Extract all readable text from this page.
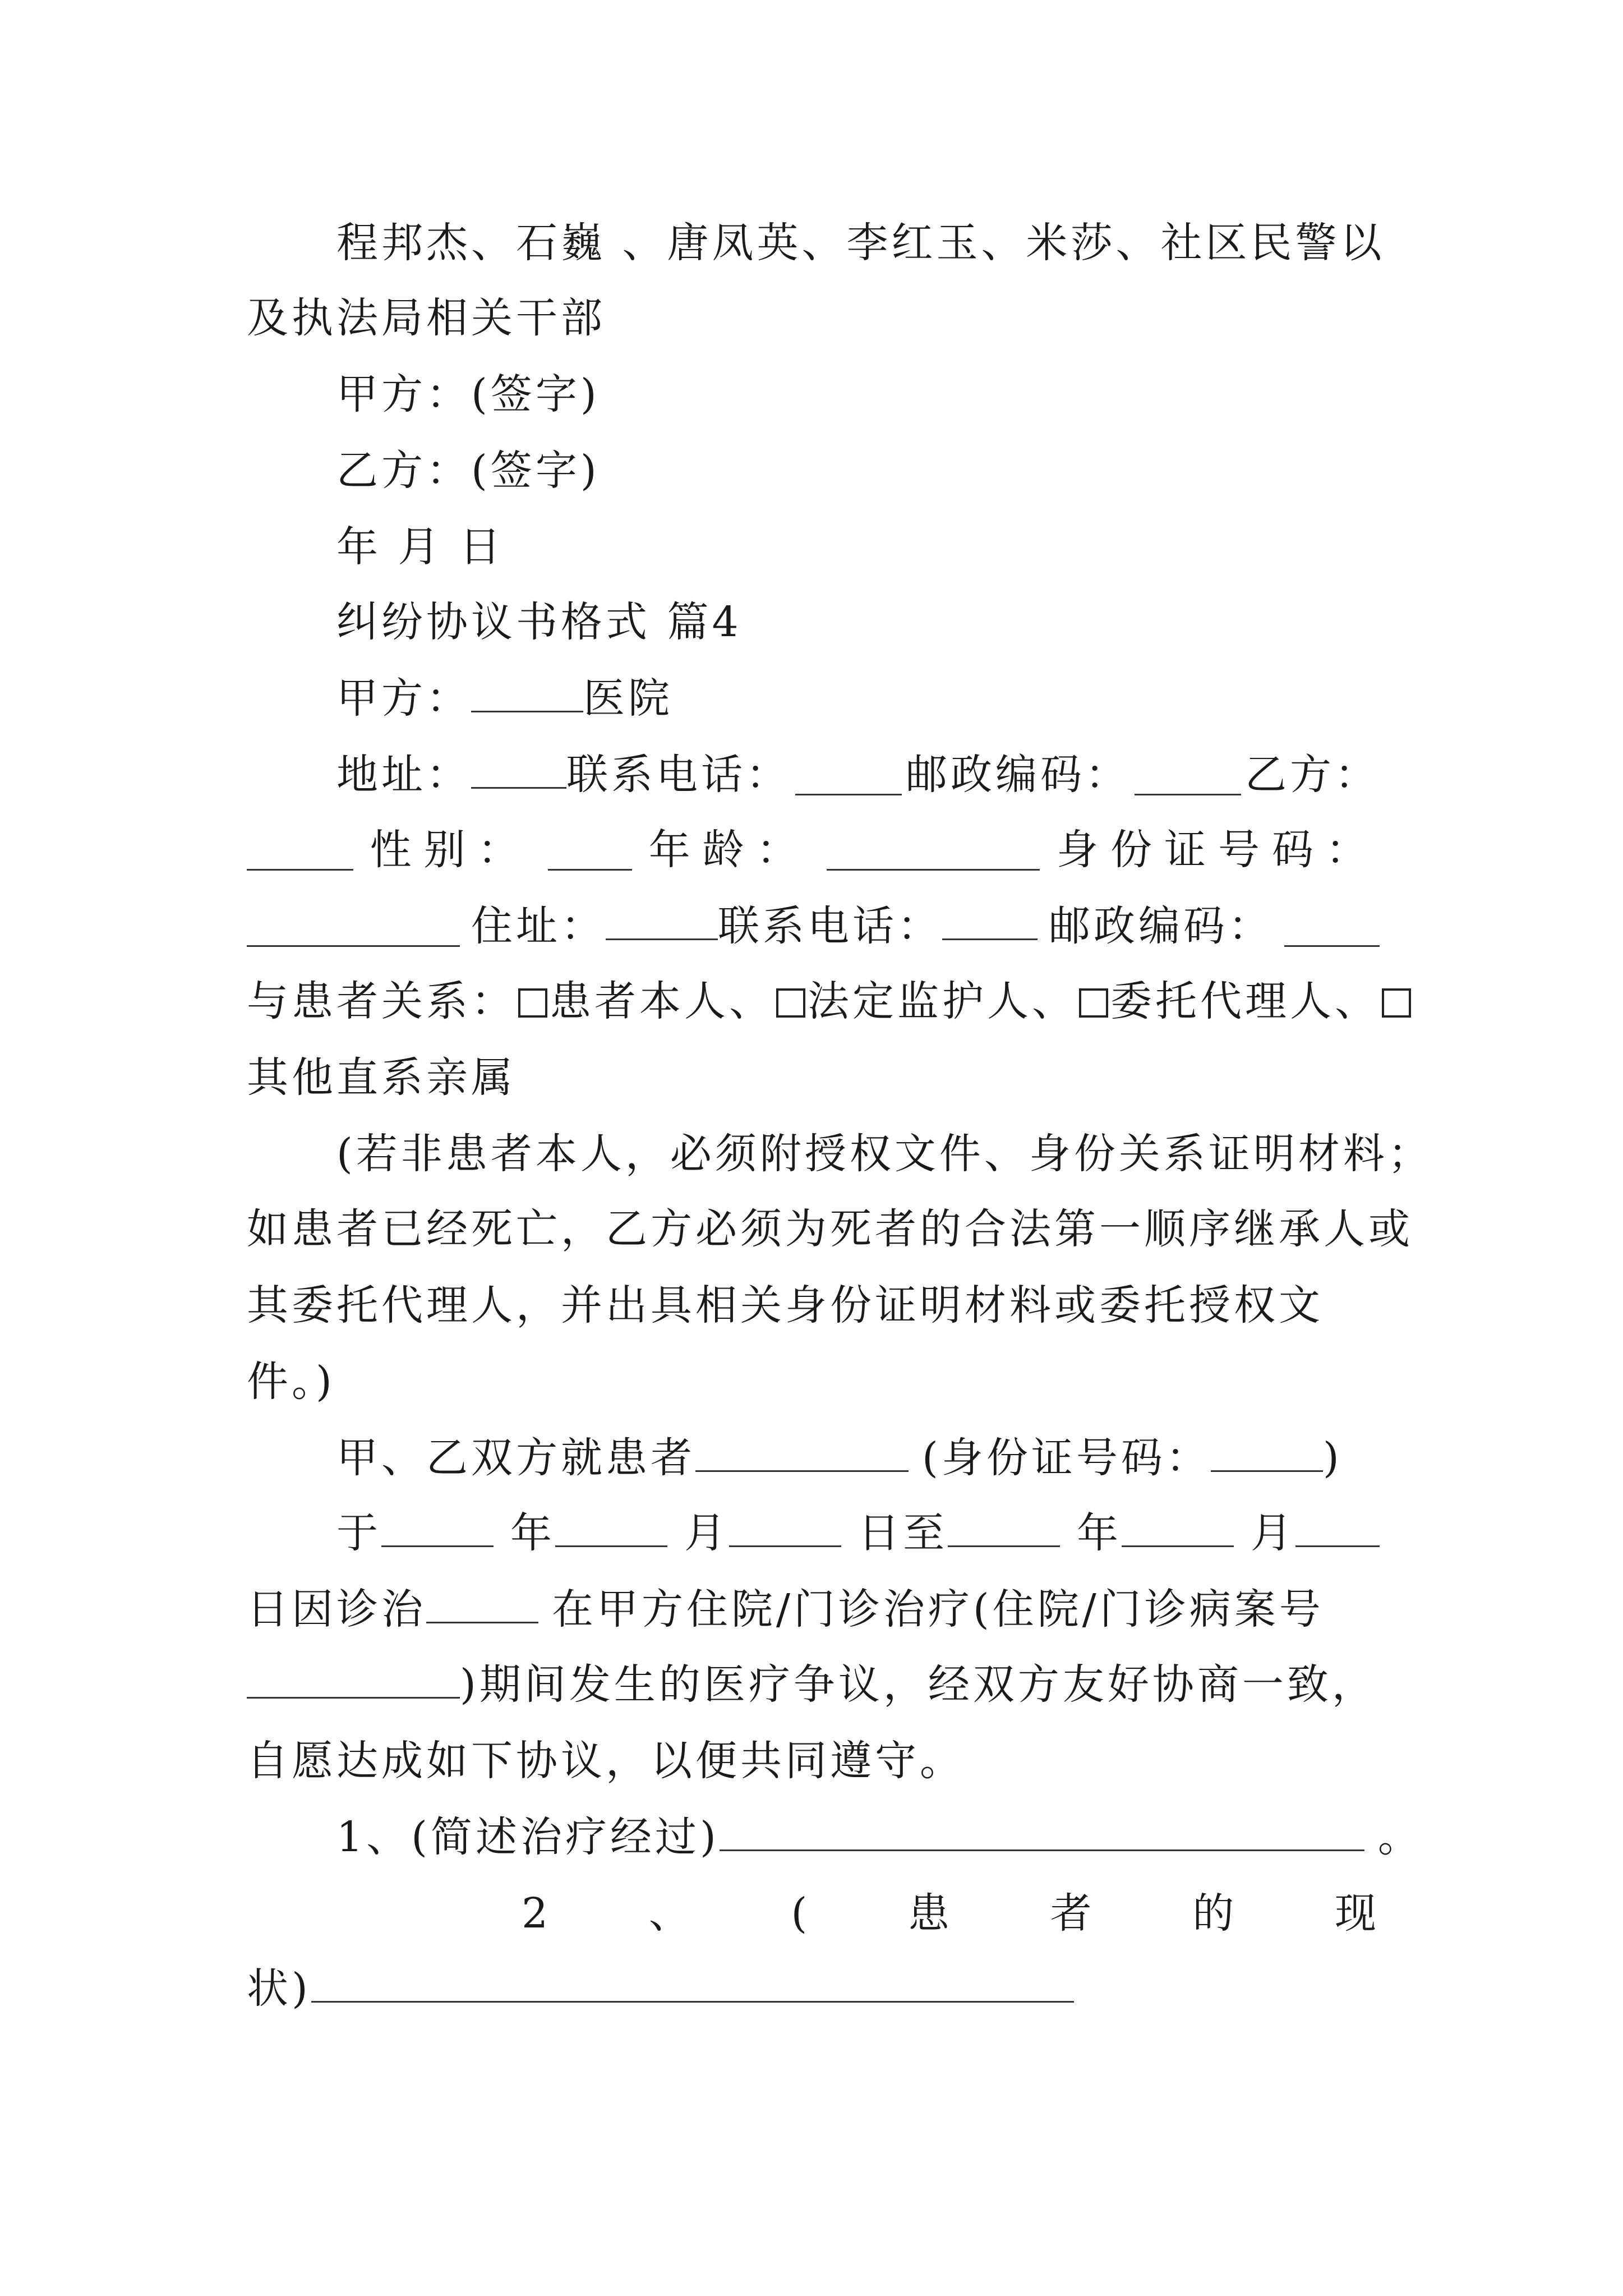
程邦杰、石巍 、唐凤英、李红玉、米莎、社区民警以
及执法局相关干部
甲方：(签字)
乙方：(签字)
年 月 日
纠纷协议书格式 篇4
甲方：	医院
地址： 联系电话：	邮政编码：	乙方：
性别：	年龄：	身份证号码：
住址：	联系电话：	邮政编码：
与患者关系： 患者本人、 法定监护人、 委托代理人、
其他直系亲属
(若非患者本人，必须附授权文件、身份关系证明材料；
如患者已经死亡，乙方必须为死者的合法第一顺序继承人或
其委托代理人，并出具相关身份证明材料或委托授权文
件。)
甲、乙双方就患者	(身份证号码：	)
于	年	月	日至	年	月
日因诊治	在甲方住院/门诊治疗(住院/门诊病案号
)期间发生的医疗争议，经双方友好协商一致，
自愿达成如下协议，以便共同遵守。
1、(简述治疗经过)	。
2 、 ( 患 者 的 现
状)
